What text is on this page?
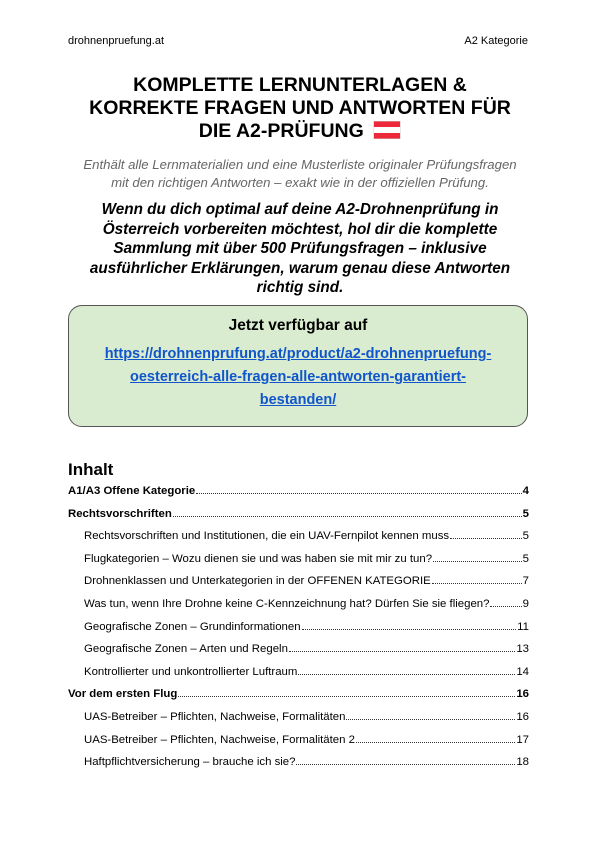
drohnenpruefung.at	A2 Kategorie
KOMPLETTE LERNUNTERLAGEN &
KORREKTE FRAGEN UND ANTWORTEN FÜR
DIE A2-PRÜFUNG
Enthält alle Lernmaterialien und eine Musterliste originaler Prüfungsfragen
mit den richtigen Antworten – exakt wie in der offiziellen Prüfung.
Wenn du dich optimal auf deine A2-Drohnenprüfung in
Österreich vorbereiten möchtest, hol dir die komplette
Sammlung mit über 500 Prüfungsfragen – inklusive
ausführlicher Erklärungen, warum genau diese Antworten
richtig sind.
Jetzt verfügbar auf
https://drohnenprufung.at/product/a2-drohnenpruefung-
oesterreich-alle-fragen-alle-antworten-garantiert-
bestanden/
Inhalt
A1/A3 Offene Kategorie	4
Rechtsvorschriften	5
Rechtsvorschriften und Institutionen, die ein UAV-Fernpilot kennen muss	5
Flugkategorien – Wozu dienen sie und was haben sie mit mir zu tun?	5
Drohnenklassen und Unterkategorien in der OFFENEN KATEGORIE	7
Was tun, wenn Ihre Drohne keine C-Kennzeichnung hat? Dürfen Sie sie fliegen?	9
Geografische Zonen – Grundinformationen	11
Geografische Zonen – Arten und Regeln	13
Kontrollierter und unkontrollierter Luftraum	14
Vor dem ersten Flug	16
UAS-Betreiber – Pflichten, Nachweise, Formalitäten	16
UAS-Betreiber – Pflichten, Nachweise, Formalitäten 2	17
Haftpflichtversicherung – brauche ich sie?	18
